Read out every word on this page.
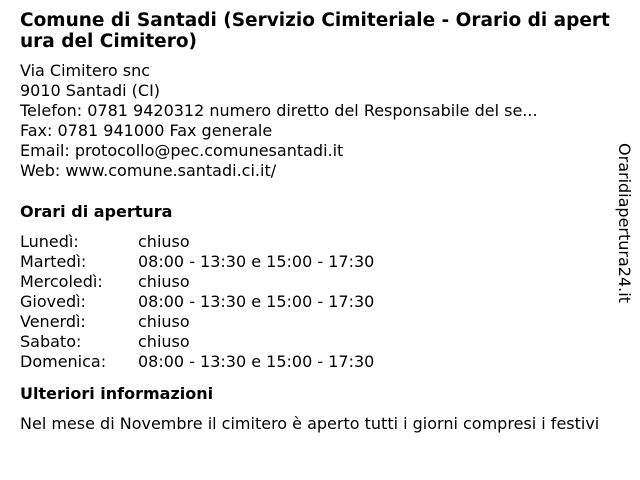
Comune di Santadi (Servizio Cimiteriale - Orario di apertura del Cimitero)
Via Cimitero snc
9010 Santadi (CI)
Telefon: 0781 9420312 numero diretto del Responsabile del se...
Fax: 0781 941000 Fax generale
Email: protocollo@pec.comunesantadi.it
Web: www.comune.santadi.ci.it/
Orari di apertura
Lunedì:	chiuso
Martedì:	08:00 - 13:30 e 15:00 - 17:30
Mercoledì: chiuso
Giovedì:	08:00 - 13:30 e 15:00 - 17:30
Venerdì:	chiuso
Sabato:	chiuso
Domenica: 08:00 - 13:30 e 15:00 - 17:30
Ulteriori informazioni
Nel mese di Novembre il cimitero è aperto tutti i giorni compresi i festivi
Oraridiapertura24.it
